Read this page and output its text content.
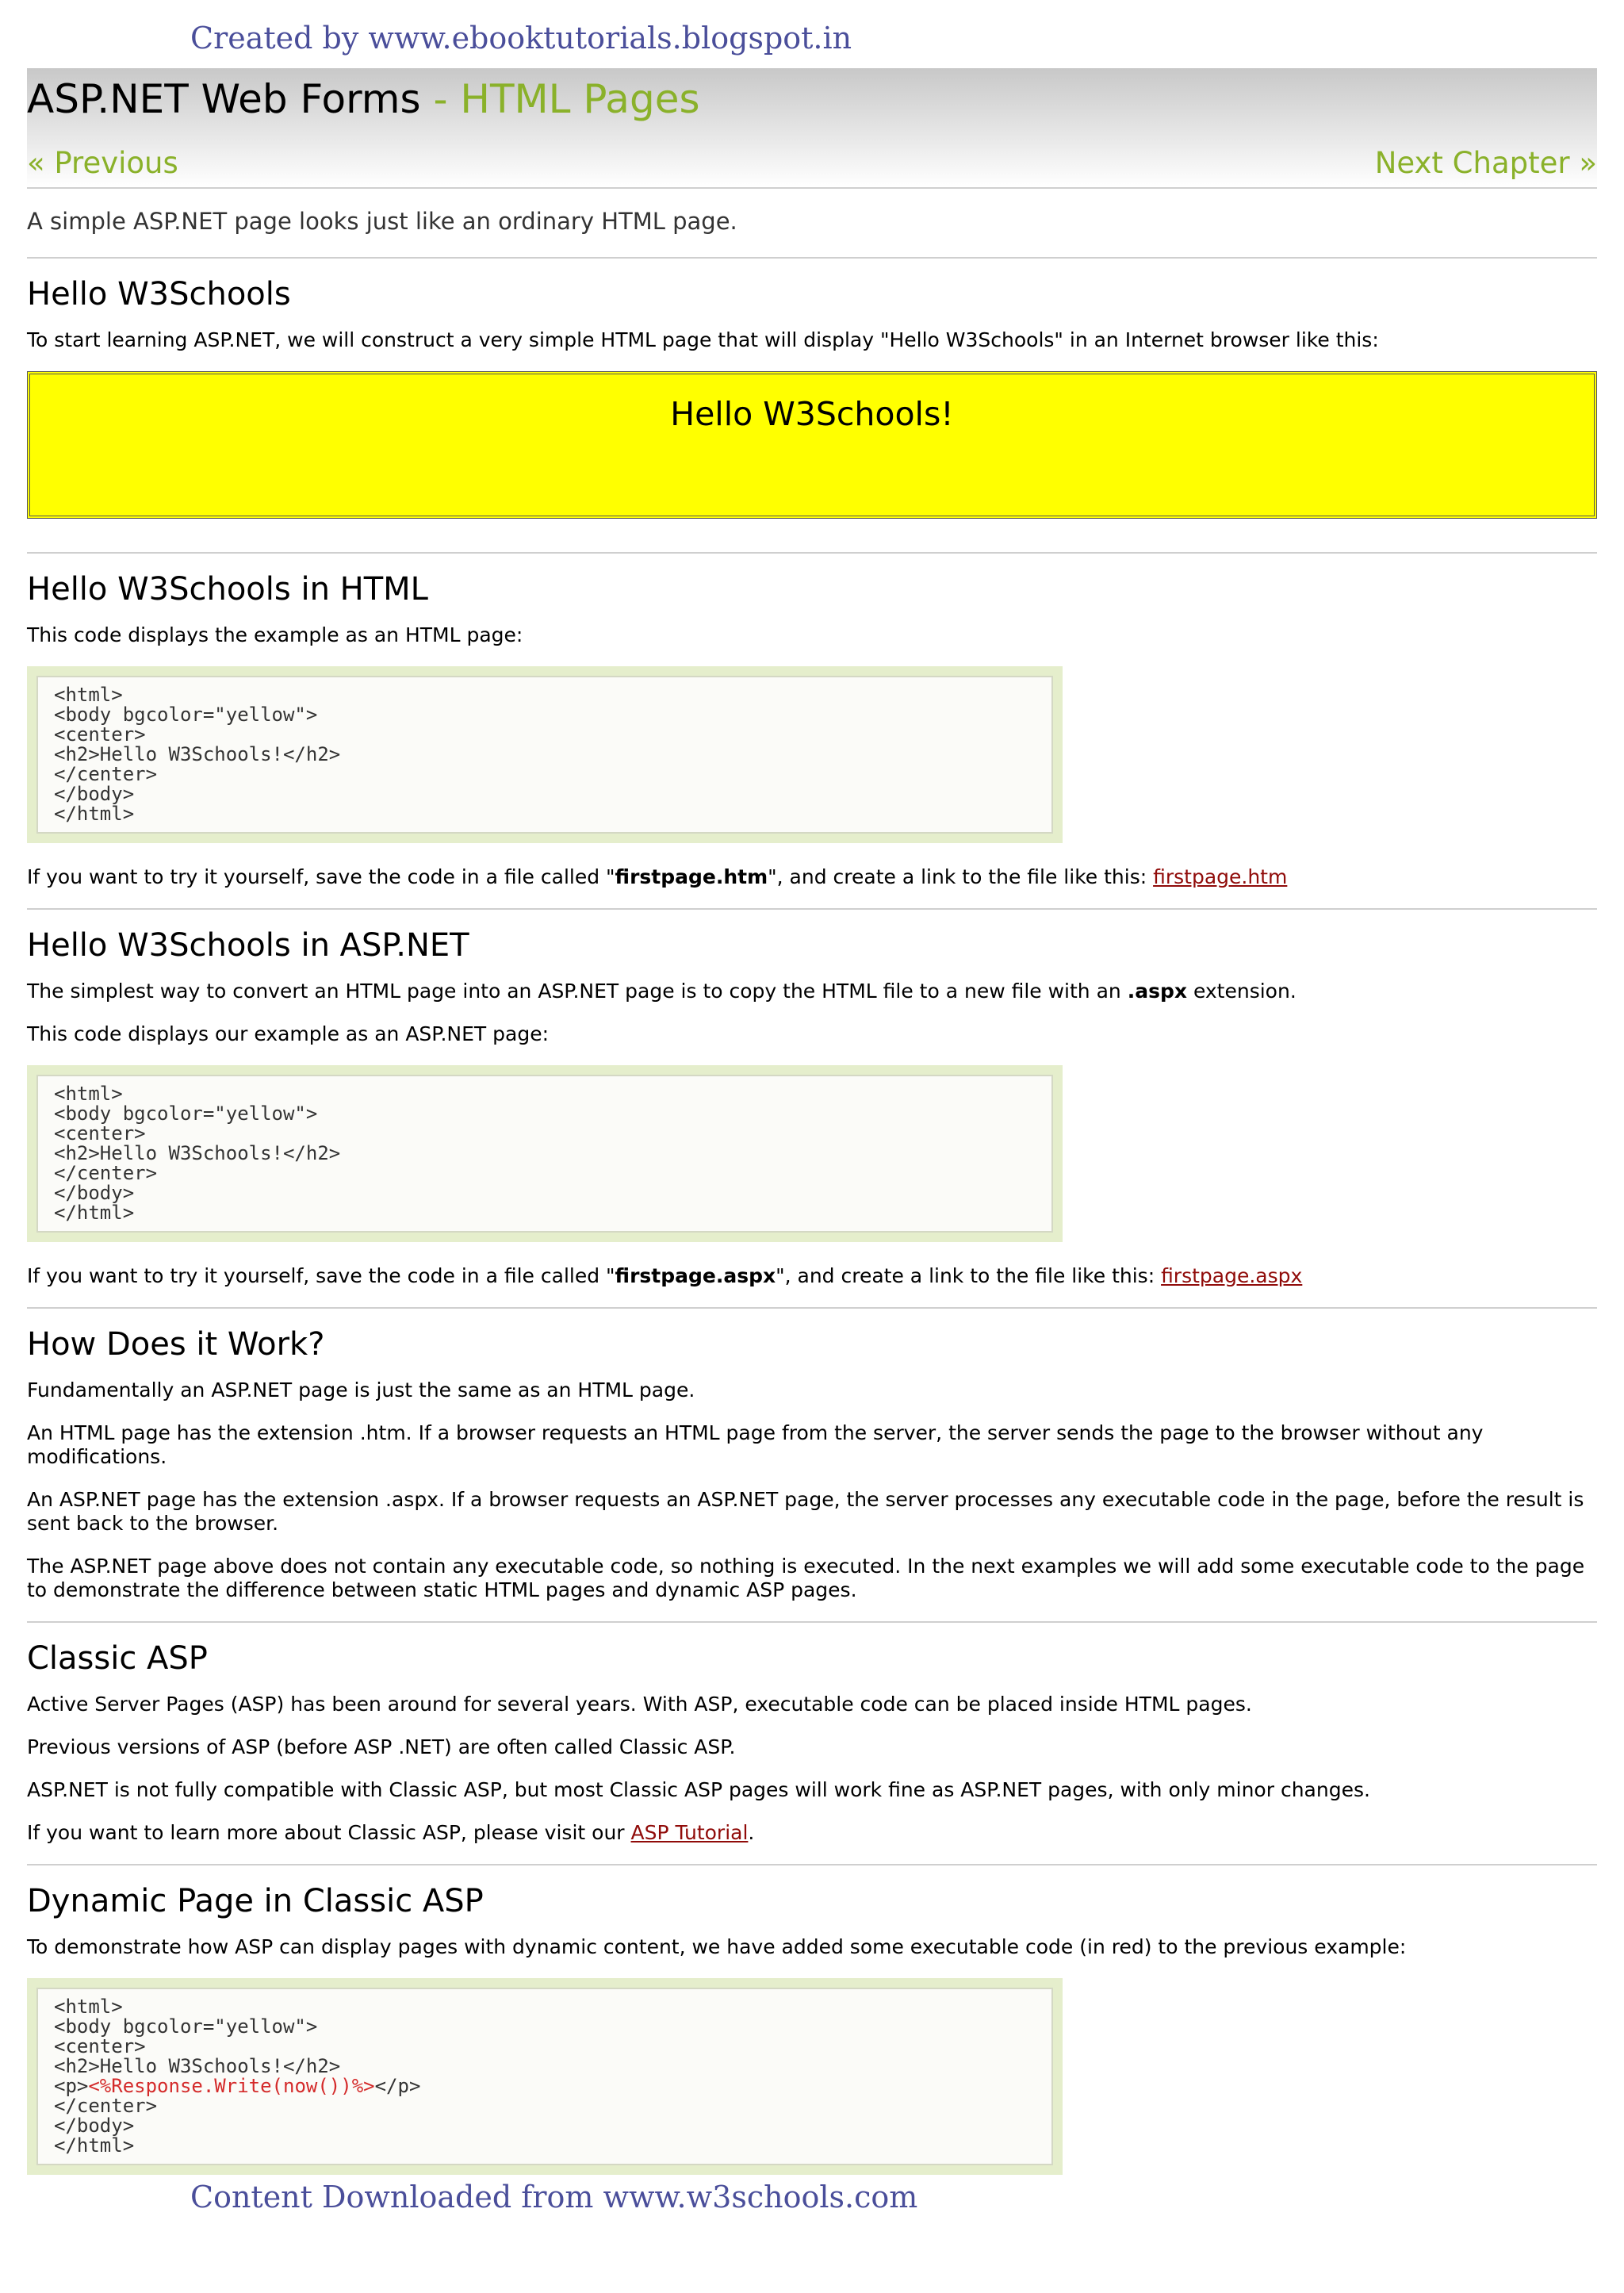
Created by www.ebooktutorials.blogspot.in
ASP.NET Web Forms - HTML Pages
« Previous	Next Chapter »
A simple ASP.NET page looks just like an ordinary HTML page.
Hello W3Schools

To start learning ASP.NET, we will construct a very simple HTML page that will display "Hello W3Schools" in an Internet browser like this:

Hello W3Schools!
Hello W3Schools in HTML

This code displays the example as an HTML page:

<html>
<body bgcolor="yellow">
<center>
<h2>Hello W3Schools!</h2>
</center>
</body>
</html>

If you want to try it yourself, save the code in a file called "firstpage.htm", and create a link to the file like this: firstpage.htm

Hello W3Schools in ASP.NET

The simplest way to convert an HTML page into an ASP.NET page is to copy the HTML file to a new file with an .aspx extension.

This code displays our example as an ASP.NET page:

<html>
<body bgcolor="yellow">
<center>
<h2>Hello W3Schools!</h2>
</center>
</body>
</html>

If you want to try it yourself, save the code in a file called "firstpage.aspx", and create a link to the file like this: firstpage.aspx

How Does it Work?

Fundamentally an ASP.NET page is just the same as an HTML page.

An HTML page has the extension .htm. If a browser requests an HTML page from the server, the server sends the page to the browser without any modifications.

An ASP.NET page has the extension .aspx. If a browser requests an ASP.NET page, the server processes any executable code in the page, before the result is sent back to the browser.

The ASP.NET page above does not contain any executable code, so nothing is executed. In the next examples we will add some executable code to the page to demonstrate the difference between static HTML pages and dynamic ASP pages.

Classic ASP

Active Server Pages (ASP) has been around for several years. With ASP, executable code can be placed inside HTML pages.

Previous versions of ASP (before ASP .NET) are often called Classic ASP.

ASP.NET is not fully compatible with Classic ASP, but most Classic ASP pages will work fine as ASP.NET pages, with only minor changes.

If you want to learn more about Classic ASP, please visit our ASP Tutorial.

Dynamic Page in Classic ASP

To demonstrate how ASP can display pages with dynamic content, we have added some executable code (in red) to the previous example:

<html>
<body bgcolor="yellow">
<center>
<h2>Hello W3Schools!</h2>
<p><%Response.Write(now())%></p>
</center>
</body>
</html>
Content Downloaded from www.w3schools.com
